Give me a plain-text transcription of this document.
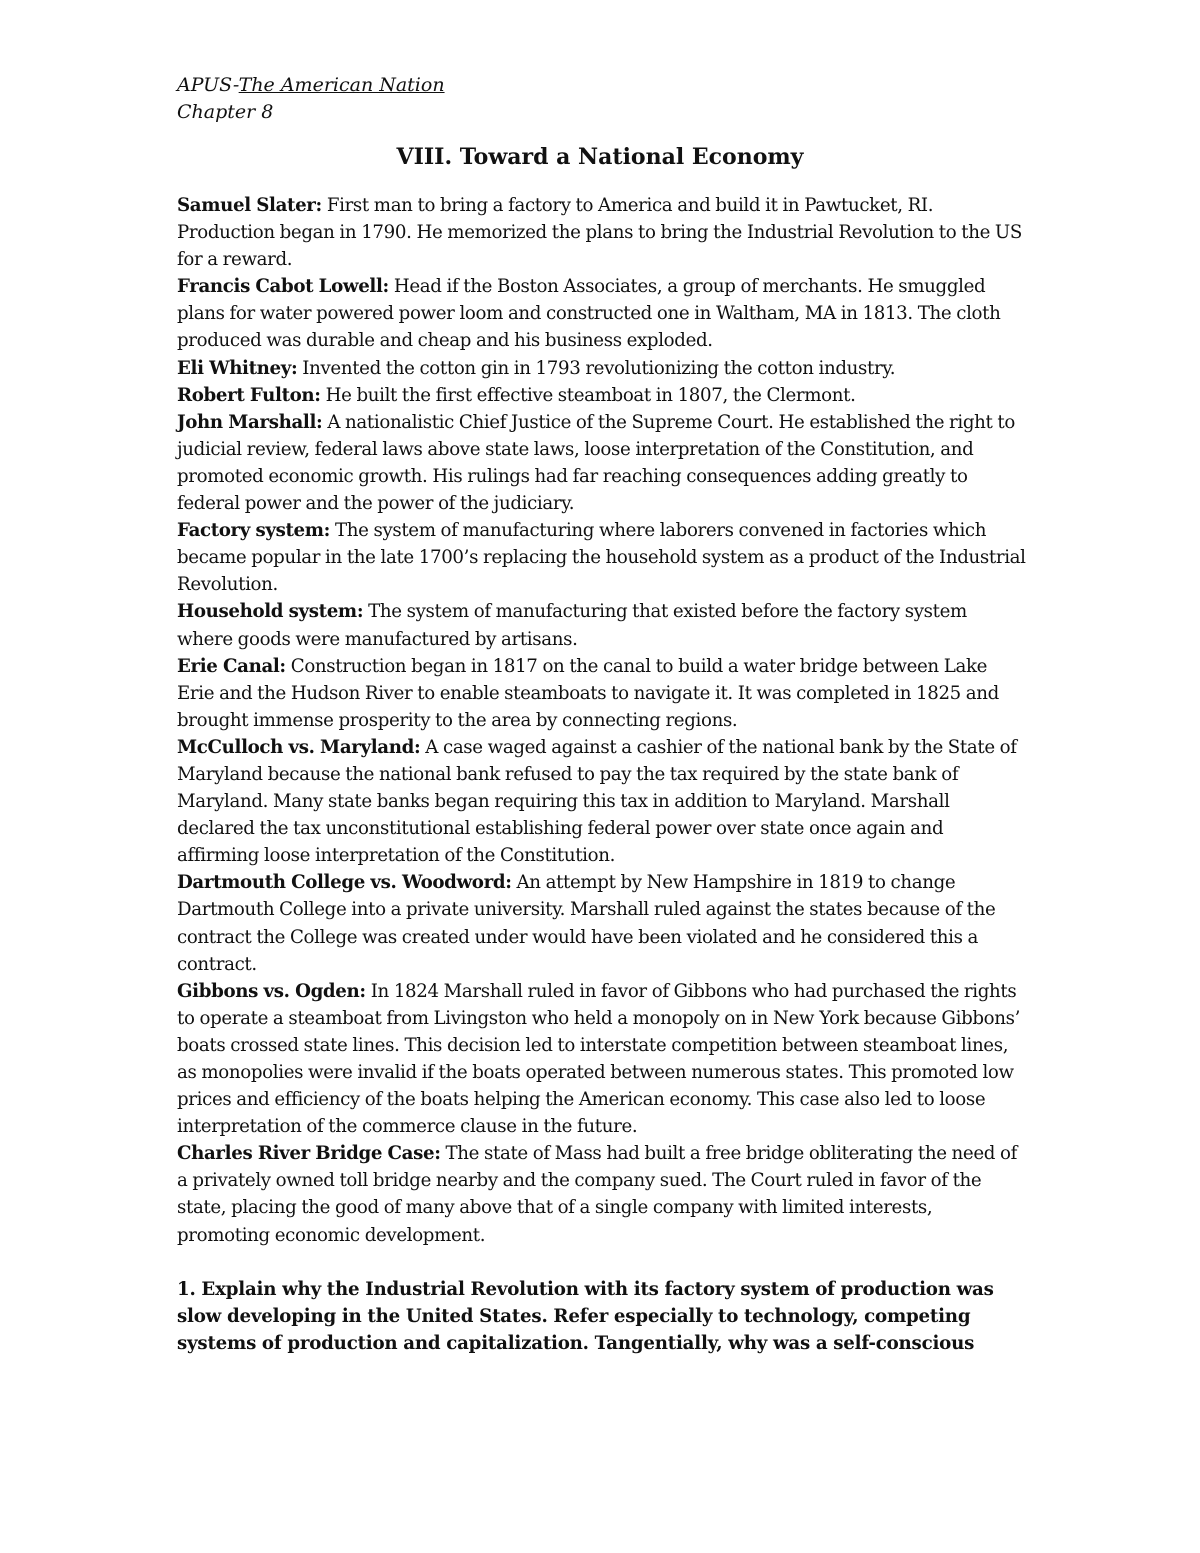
APUS-The American Nation

Chapter 8

VIII. Toward a National Economy

Samuel Slater: First man to bring a factory to America and build it in Pawtucket, RI. Production began in 1790. He memorized the plans to bring the Industrial Revolution to the US for a reward.

Francis Cabot Lowell: Head if the Boston Associates, a group of merchants. He smuggled plans for water powered power loom and constructed one in Waltham, MA in 1813. The cloth produced was durable and cheap and his business exploded.

Eli Whitney: Invented the cotton gin in 1793 revolutionizing the cotton industry.

Robert Fulton: He built the first effective steamboat in 1807, the Clermont.

John Marshall: A nationalistic Chief Justice of the Supreme Court. He established the right to judicial review, federal laws above state laws, loose interpretation of the Constitution, and promoted economic growth. His rulings had far reaching consequences adding greatly to federal power and the power of the judiciary.

Factory system: The system of manufacturing where laborers convened in factories which became popular in the late 1700’s replacing the household system as a product of the Industrial Revolution.

Household system: The system of manufacturing that existed before the factory system where goods were manufactured by artisans.

Erie Canal: Construction began in 1817 on the canal to build a water bridge between Lake Erie and the Hudson River to enable steamboats to navigate it. It was completed in 1825 and brought immense prosperity to the area by connecting regions.

McCulloch vs. Maryland: A case waged against a cashier of the national bank by the State of Maryland because the national bank refused to pay the tax required by the state bank of Maryland. Many state banks began requiring this tax in addition to Maryland. Marshall declared the tax unconstitutional establishing federal power over state once again and affirming loose interpretation of the Constitution.

Dartmouth College vs. Woodword: An attempt by New Hampshire in 1819 to change Dartmouth College into a private university. Marshall ruled against the states because of the contract the College was created under would have been violated and he considered this a contract.

Gibbons vs. Ogden: In 1824 Marshall ruled in favor of Gibbons who had purchased the rights to operate a steamboat from Livingston who held a monopoly on in New York because Gibbons’ boats crossed state lines. This decision led to interstate competition between steamboat lines, as monopolies were invalid if the boats operated between numerous states. This promoted low prices and efficiency of the boats helping the American economy. This case also led to loose interpretation of the commerce clause in the future.

Charles River Bridge Case: The state of Mass had built a free bridge obliterating the need of a privately owned toll bridge nearby and the company sued. The Court ruled in favor of the state, placing the good of many above that of a single company with limited interests, promoting economic development.

1. Explain why the Industrial Revolution with its factory system of production was slow developing in the United States. Refer especially to technology, competing systems of production and capitalization. Tangentially, why was a self-conscious
